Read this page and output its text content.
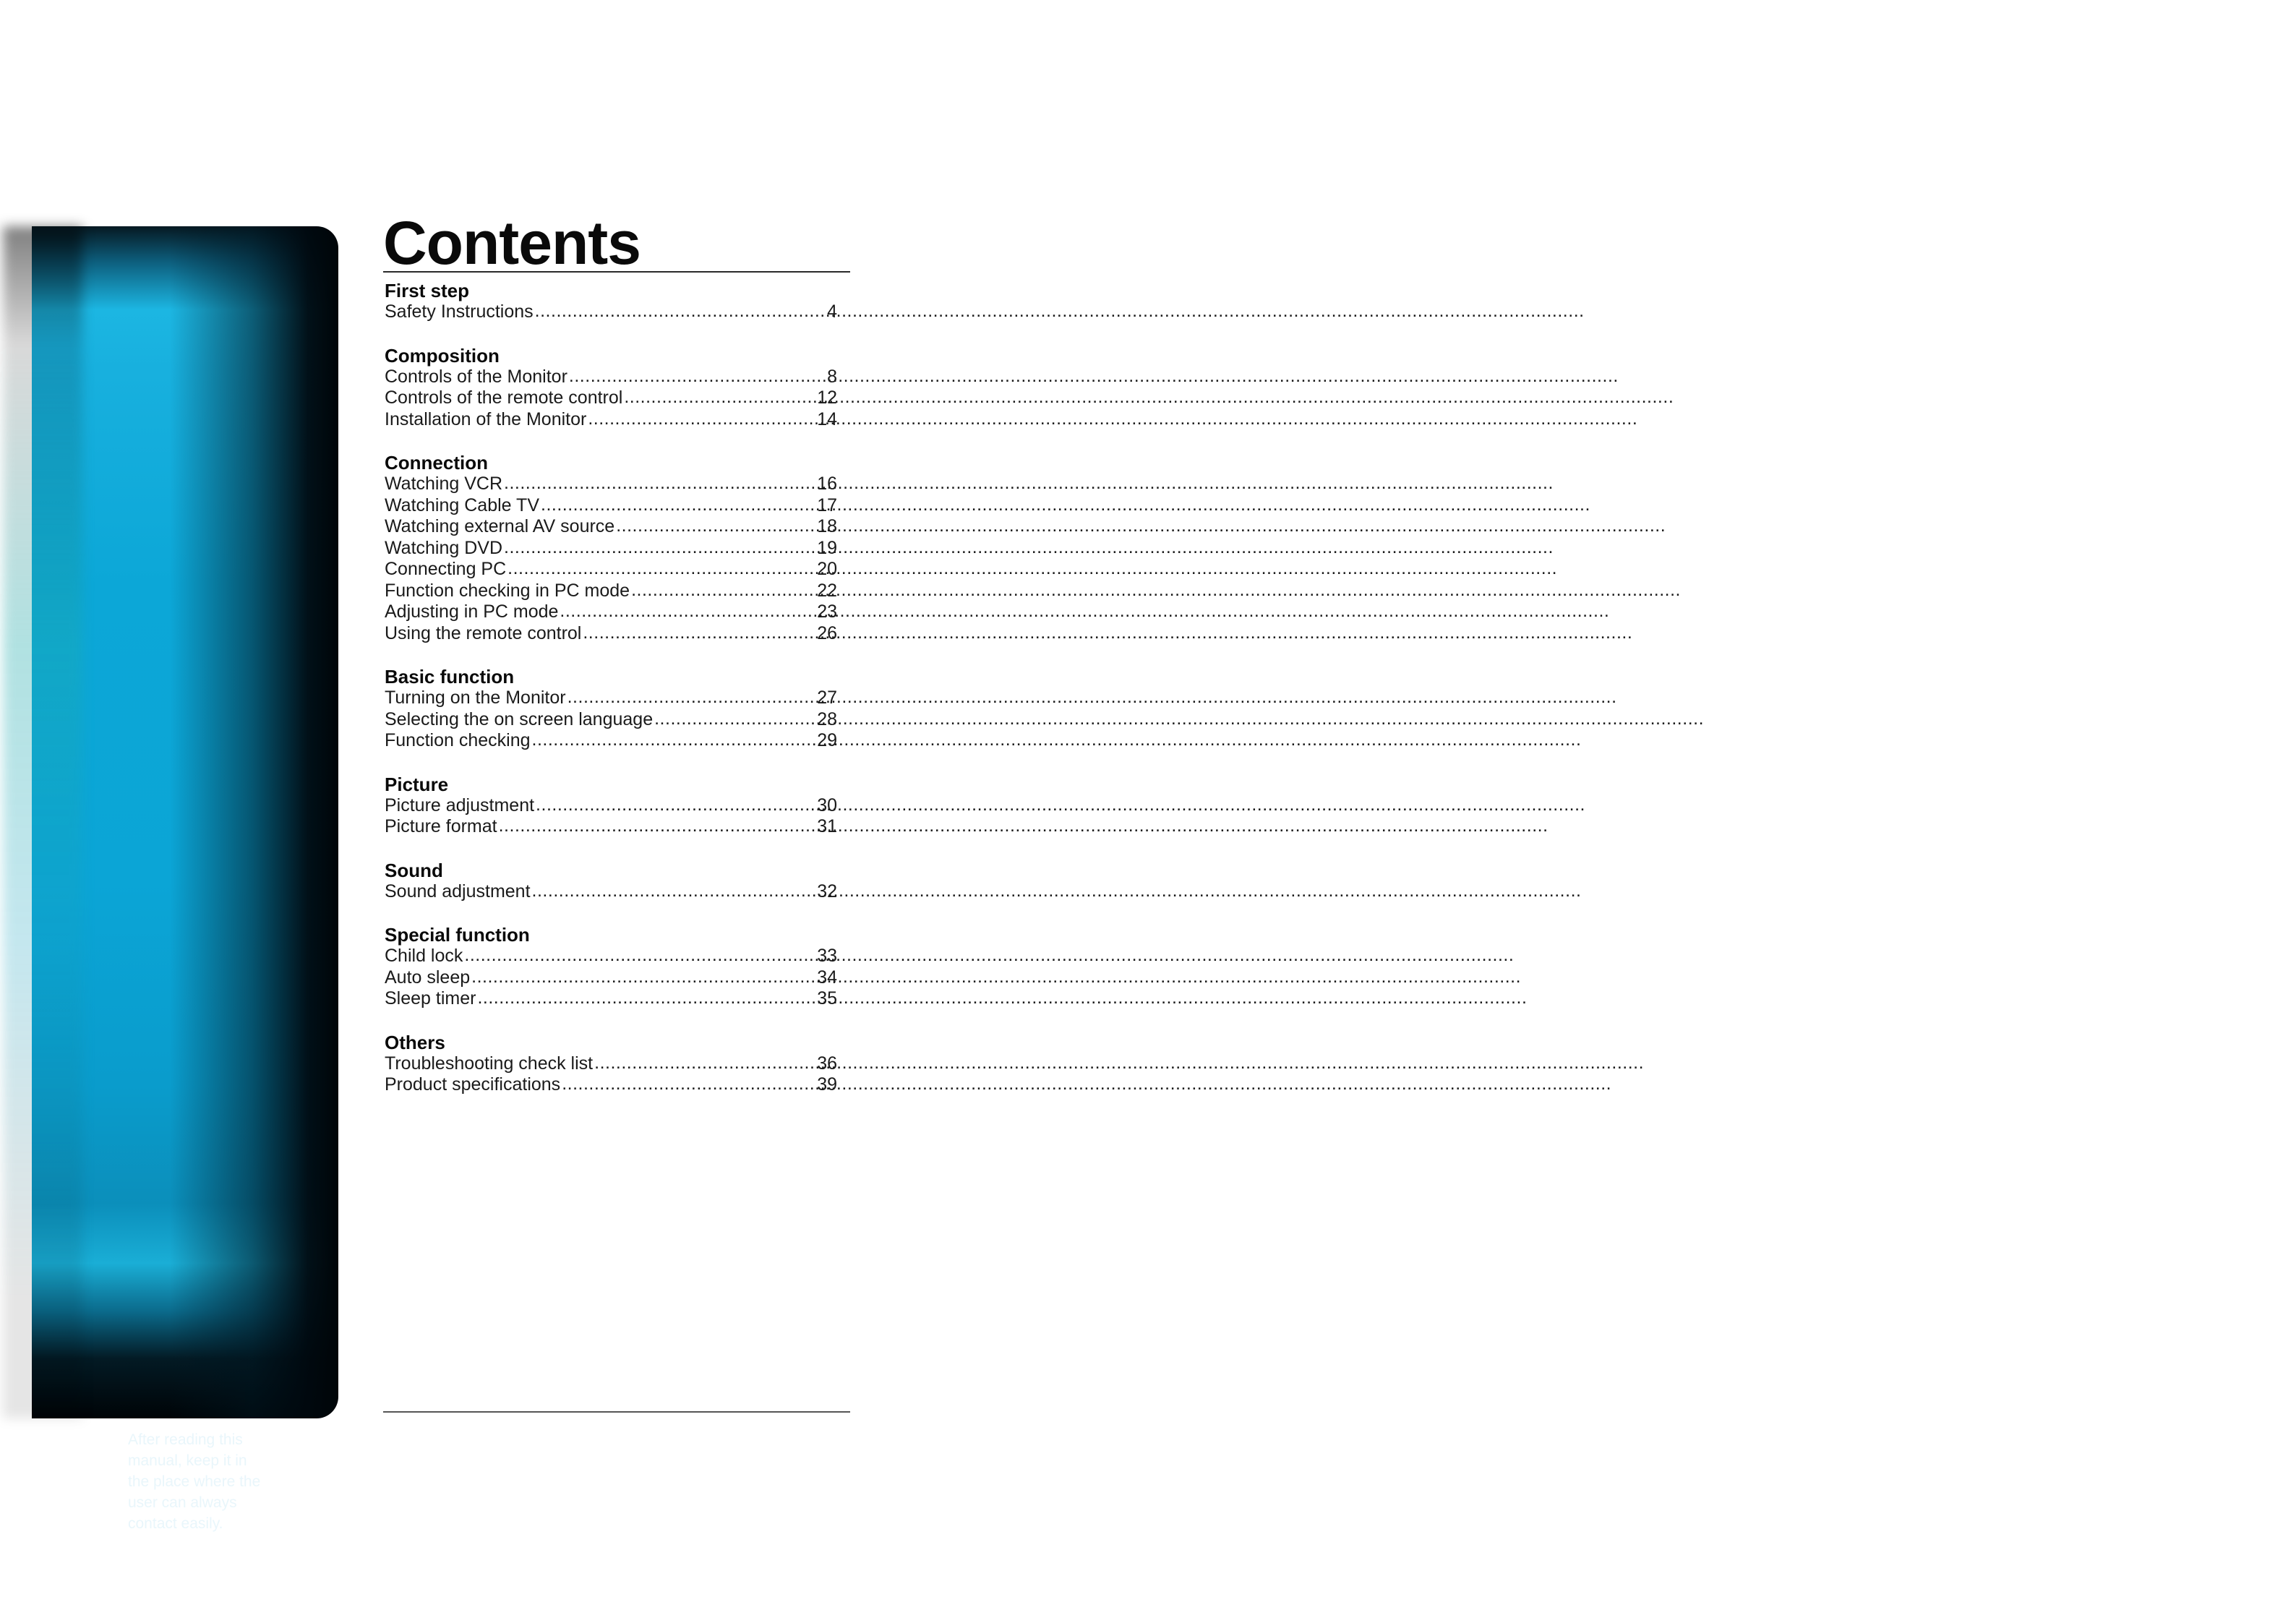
After reading this
manual, keep it in
the place where the
user can always
contact easily.
Contents
First step
Safety Instructions .....	4
Composition
Controls of the Monitor .....	8
Controls of the remote control .....	12
Installation of the Monitor .....	14
Connection
Watching VCR .....	16
Watching Cable TV .....	17
Watching external AV source .....	18
Watching DVD .....	19
Connecting PC .....	20
Function checking in PC mode .....	22
Adjusting in PC mode .....	23
Using the remote control .....	26
Basic function
Turning on the Monitor .....	27
Selecting the on screen language .....	28
Function checking .....	29
Picture
Picture adjustment .....	30
Picture format .....	31
Sound
Sound adjustment .....	32
Special function
Child lock .....	33
Auto sleep .....	34
Sleep timer .....	35
Others
Troubleshooting check list .....	36
Product specifications .....	39
